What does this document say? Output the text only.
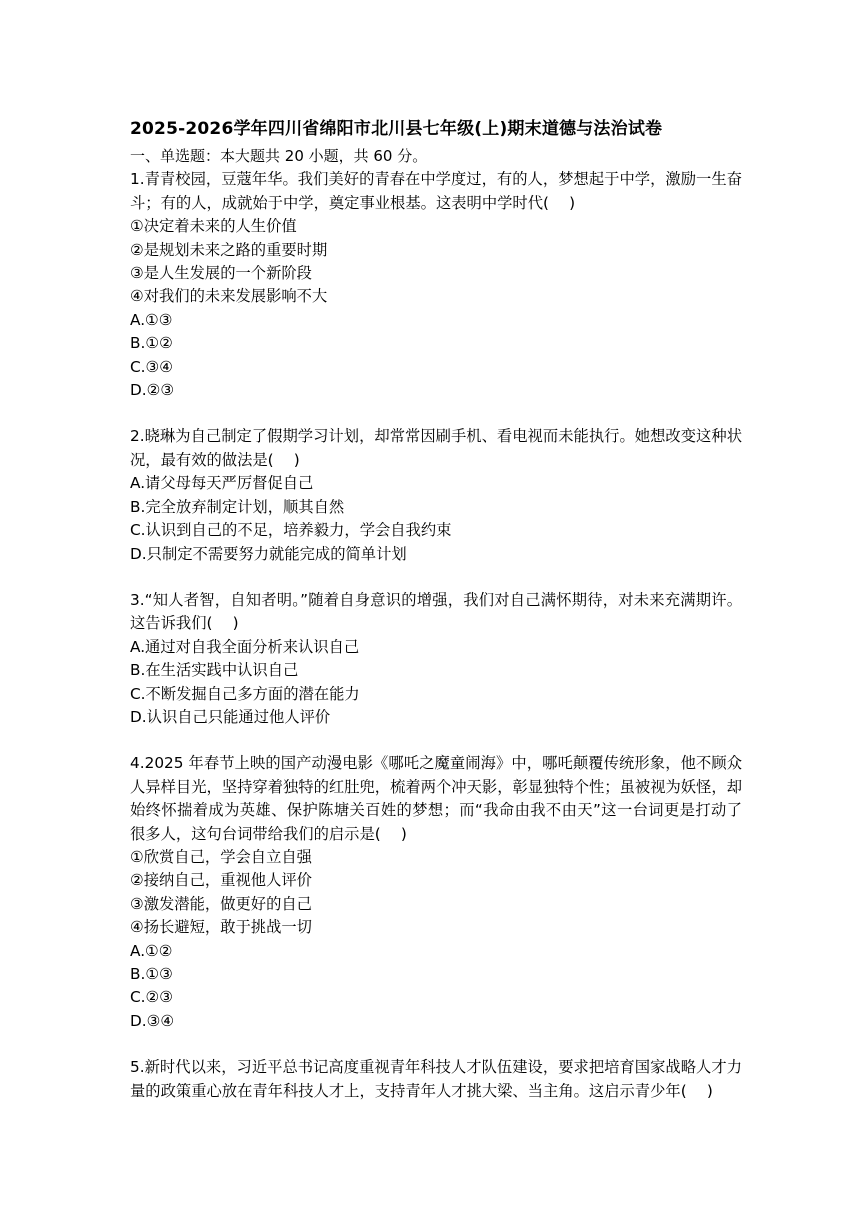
2025-2026学年四川省绵阳市北川县七年级(上)期末道德与法治试卷
一、单选题：本大题共 20 小题，共 60 分。

1.青青校园，豆蔻年华。我们美好的青春在中学度过，有的人，梦想起于中学，激励一生奋斗；有的人，成就始于中学，奠定事业根基。这表明中学时代(　 )

①决定着未来的人生价值

②是规划未来之路的重要时期

③是人生发展的一个新阶段

④对我们的未来发展影响不大

A.①③

B.①②

C.③④

D.②③

2.晓琳为自己制定了假期学习计划，却常常因刷手机、看电视而未能执行。她想改变这种状况，最有效的做法是(　 )

A.请父母每天严厉督促自己

B.完全放弃制定计划，顺其自然

C.认识到自己的不足，培养毅力，学会自我约束

D.只制定不需要努力就能完成的简单计划

3.“知人者智，自知者明。”随着自身意识的增强，我们对自己满怀期待，对未来充满期许。这告诉我们(　 )

A.通过对自我全面分析来认识自己

B.在生活实践中认识自己

C.不断发掘自己多方面的潜在能力

D.认识自己只能通过他人评价

4.2025 年春节上映的国产动漫电影《哪吒之魔童闹海》中，哪吒颠覆传统形象，他不顾众人异样目光，坚持穿着独特的红肚兜，梳着两个冲天影，彰显独特个性；虽被视为妖怪，却始终怀揣着成为英雄、保护陈塘关百姓的梦想；而“我命由我不由天”这一台词更是打动了很多人，这句台词带给我们的启示是(　 )

①欣赏自己，学会自立自强

②接纳自己，重视他人评价

③激发潜能，做更好的自己

④扬长避短，敢于挑战一切

A.①②

B.①③

C.②③

D.③④

5.新时代以来，习近平总书记高度重视青年科技人才队伍建设，要求把培育国家战略人才力量的政策重心放在青年科技人才上，支持青年人才挑大梁、当主角。这启示青少年(　 )
